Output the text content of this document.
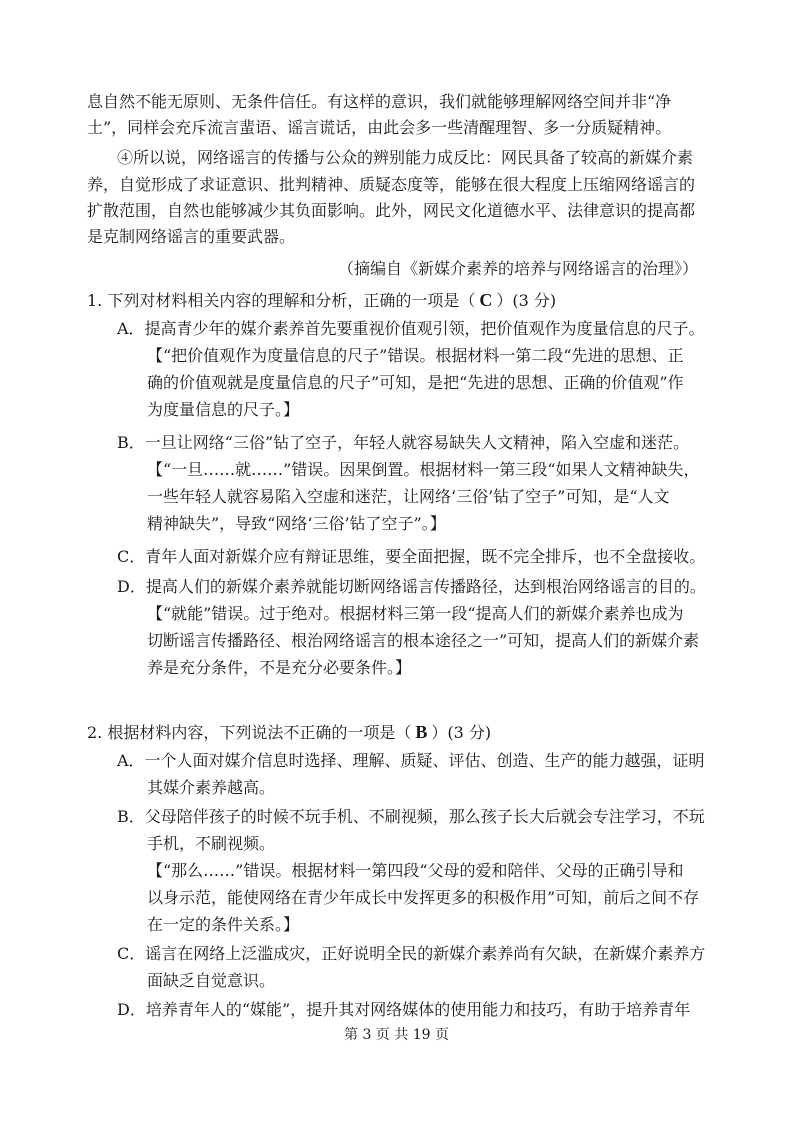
息自然不能无原则、无条件信任。有这样的意识，我们就能够理解网络空间并非“净
土”，同样会充斥流言蜚语、谣言谎话，由此会多一些清醒理智、多一分质疑精神。
④所以说，网络谣言的传播与公众的辨别能力成反比：网民具备了较高的新媒介素
养，自觉形成了求证意识、批判精神、质疑态度等，能够在很大程度上压缩网络谣言的
扩散范围，自然也能够减少其负面影响。此外，网民文化道德水平、法律意识的提高都
是克制网络谣言的重要武器。
（摘编自《新媒介素养的培养与网络谣言的治理》）
1. 下列对材料相关内容的理解和分析，正确的一项是（ C ）(3 分)
A．提高青少年的媒介素养首先要重视价值观引领，把价值观作为度量信息的尺子。
【“把价值观作为度量信息的尺子”错误。根据材料一第二段“先进的思想、正
确的价值观就是度量信息的尺子”可知，是把“先进的思想、正确的价值观”作
为度量信息的尺子。】
B．一旦让网络“三俗”钻了空子，年轻人就容易缺失人文精神，陷入空虚和迷茫。
【“一旦……就……”错误。因果倒置。根据材料一第三段“如果人文精神缺失，
一些年轻人就容易陷入空虚和迷茫，让网络‘三俗’钻了空子”可知，是“人文
精神缺失”，导致“网络‘三俗’钻了空子”。】
C．青年人面对新媒介应有辩证思维，要全面把握，既不完全排斥，也不全盘接收。
D．提高人们的新媒介素养就能切断网络谣言传播路径，达到根治网络谣言的目的。
【“就能”错误。过于绝对。根据材料三第一段“提高人们的新媒介素养也成为
切断谣言传播路径、根治网络谣言的根本途径之一”可知，提高人们的新媒介素
养是充分条件，不是充分必要条件。】
2. 根据材料内容，下列说法不正确的一项是（ B ）(3 分)
A．一个人面对媒介信息时选择、理解、质疑、评估、创造、生产的能力越强，证明
其媒介素养越高。
B．父母陪伴孩子的时候不玩手机、不刷视频，那么孩子长大后就会专注学习，不玩
手机，不刷视频。
【“那么……”错误。根据材料一第四段“父母的爱和陪伴、父母的正确引导和
以身示范，能使网络在青少年成长中发挥更多的积极作用”可知，前后之间不存
在一定的条件关系。】
C．谣言在网络上泛滥成灾，正好说明全民的新媒介素养尚有欠缺，在新媒介素养方
面缺乏自觉意识。
D．培养青年人的“媒能”，提升其对网络媒体的使用能力和技巧，有助于培养青年
第 3 页 共 19 页
